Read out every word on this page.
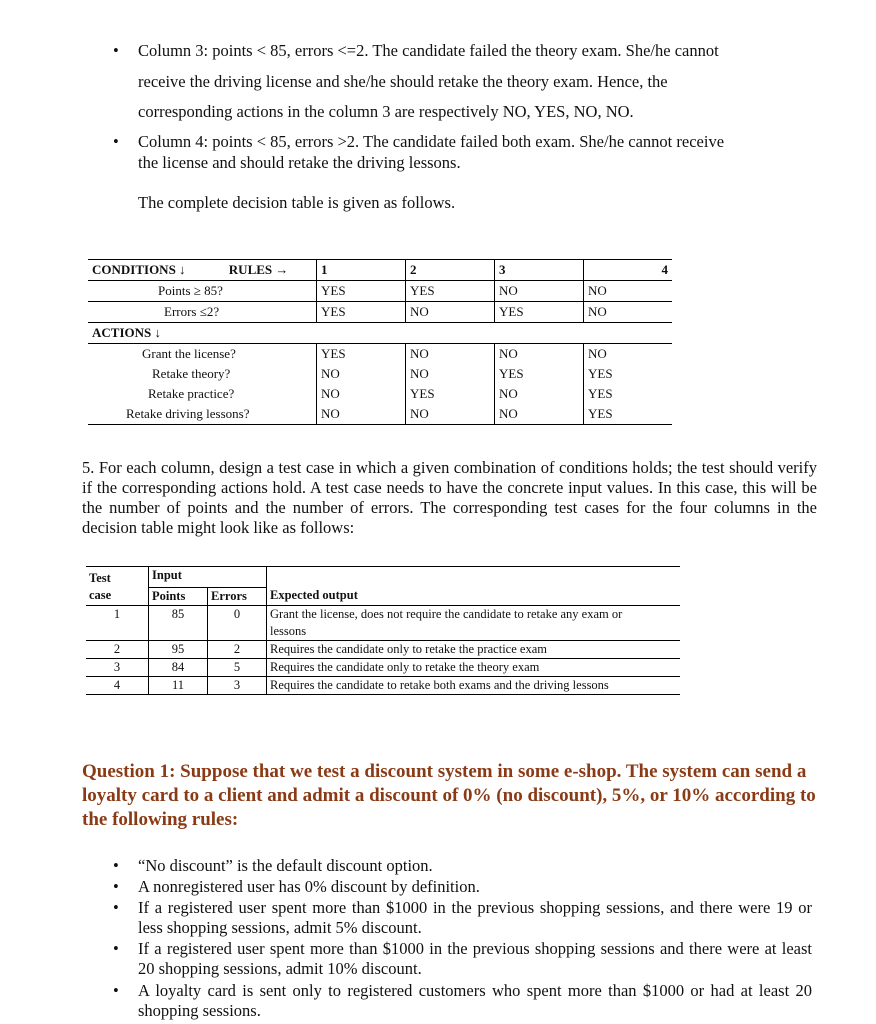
• Column 3: points < 85, errors <=2. The candidate failed the theory exam. She/he cannot
receive the driving license and she/he should retake the theory exam. Hence, the
corresponding actions in the column 3 are respectively NO, YES, NO, NO.
• Column 4: points < 85, errors >2. The candidate failed both exam. She/he cannot receive
the license and should retake the driving lessons.
The complete decision table is given as follows.
CONDITIONS ↓ RULES →	1	2	3	4
Points ≥ 85?	YES	YES	NO	NO
Errors ≤2?	YES	NO	YES	NO
ACTIONS ↓				
Grant the license?	YES	NO	NO	NO
Retake theory?	NO	NO	YES	YES
Retake practice?	NO	YES	NO	YES
Retake driving lessons?	NO	NO	NO	YES
5. For each column, design a test case in which a given combination of conditions holds; the test should verify if the corresponding actions hold. A test case needs to have the concrete input values. In this case, this will be the number of points and the number of errors. The corresponding test cases for the four columns in the decision table might look like as follows:
Test	Input		
case	Points	Errors	Expected output
1	85	0	Grant the license, does not require the candidate to retake any exam or lessons
2	95	2	Requires the candidate only to retake the practice exam
3	84	5	Requires the candidate only to retake the theory exam
4	11	3	Requires the candidate to retake both exams and the driving lessons
Question 1: Suppose that we test a discount system in some e-shop. The system can send a loyalty card to a client and admit a discount of 0% (no discount), 5%, or 10% according to the following rules:
• “No discount” is the default discount option.
• A nonregistered user has 0% discount by definition.
• If a registered user spent more than $1000 in the previous shopping sessions, and there were 19 or less shopping sessions, admit 5% discount.
• If a registered user spent more than $1000 in the previous shopping sessions and there were at least 20 shopping sessions, admit 10% discount.
• A loyalty card is sent only to registered customers who spent more than $1000 or had at least 20 shopping sessions.
